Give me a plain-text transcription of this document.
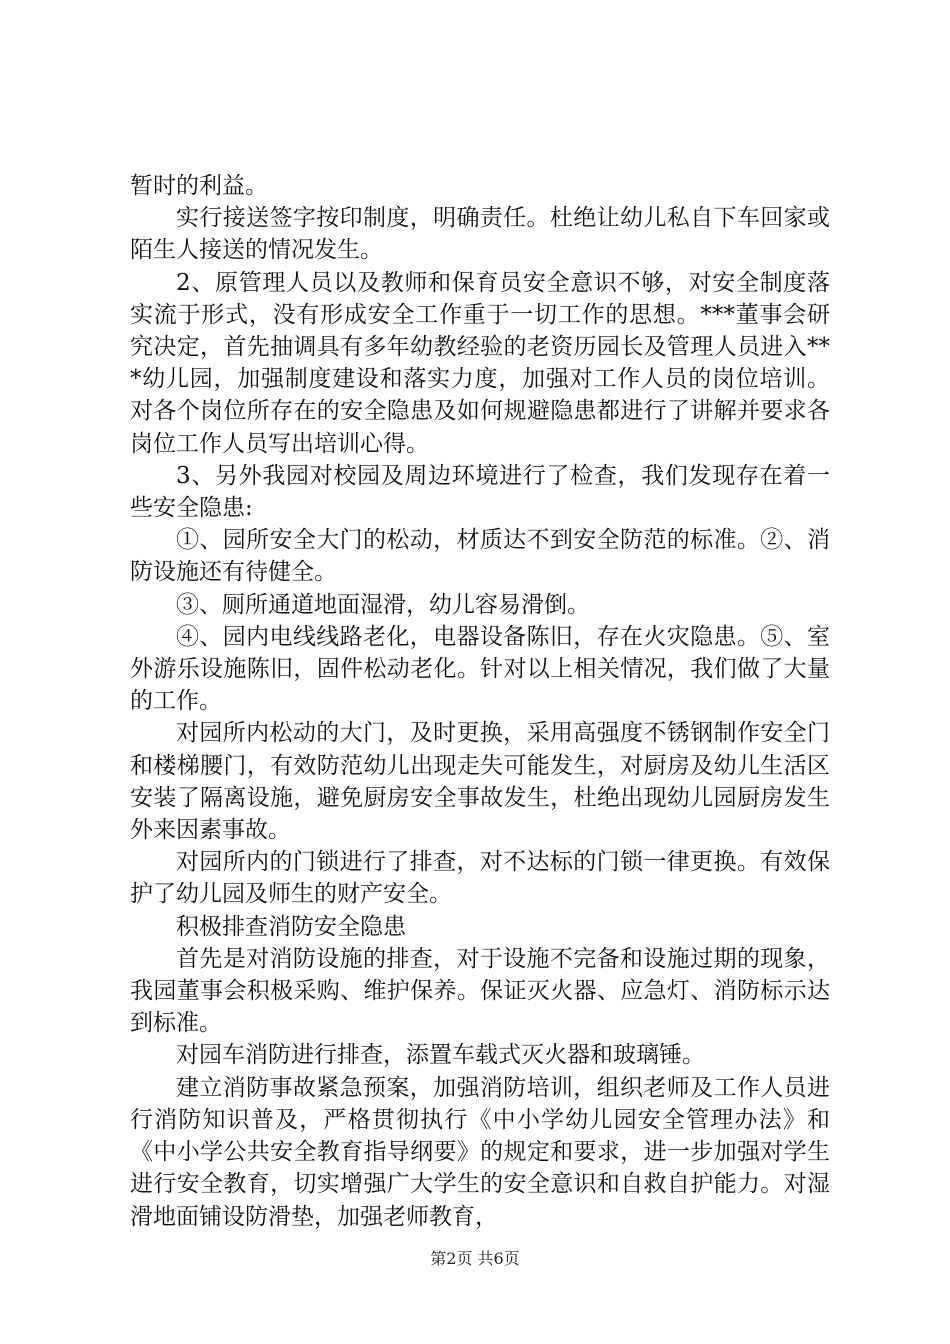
暂时的利益。

实行接送签字按印制度，明确责任。杜绝让幼儿私自下车回家或陌生人接送的情况发生。

2、原管理人员以及教师和保育员安全意识不够，对安全制度落实流于形式，没有形成安全工作重于一切工作的思想。***董事会研究决定，首先抽调具有多年幼教经验的老资历园长及管理人员进入***幼儿园，加强制度建设和落实力度，加强对工作人员的岗位培训。对各个岗位所存在的安全隐患及如何规避隐患都进行了讲解并要求各岗位工作人员写出培训心得。

3、另外我园对校园及周边环境进行了检查，我们发现存在着一些安全隐患:

①、园所安全大门的松动，材质达不到安全防范的标准。②、消防设施还有待健全。

③、厕所通道地面湿滑，幼儿容易滑倒。

④、园内电线线路老化，电器设备陈旧，存在火灾隐患。⑤、室外游乐设施陈旧，固件松动老化。针对以上相关情况，我们做了大量的工作。

对园所内松动的大门，及时更换，采用高强度不锈钢制作安全门和楼梯腰门，有效防范幼儿出现走失可能发生，对厨房及幼儿生活区安装了隔离设施，避免厨房安全事故发生，杜绝出现幼儿园厨房发生外来因素事故。

对园所内的门锁进行了排查，对不达标的门锁一律更换。有效保护了幼儿园及师生的财产安全。

积极排查消防安全隐患

首先是对消防设施的排查，对于设施不完备和设施过期的现象，我园董事会积极采购、维护保养。保证灭火器、应急灯、消防标示达到标准。

对园车消防进行排查，添置车载式灭火器和玻璃锤。

建立消防事故紧急预案，加强消防培训，组织老师及工作人员进行消防知识普及，严格贯彻执行《中小学幼儿园安全管理办法》和《中小学公共安全教育指导纲要》的规定和要求，进一步加强对学生进行安全教育，切实增强广大学生的安全意识和自救自护能力。对湿滑地面铺设防滑垫，加强老师教育，

第2页 共6页
